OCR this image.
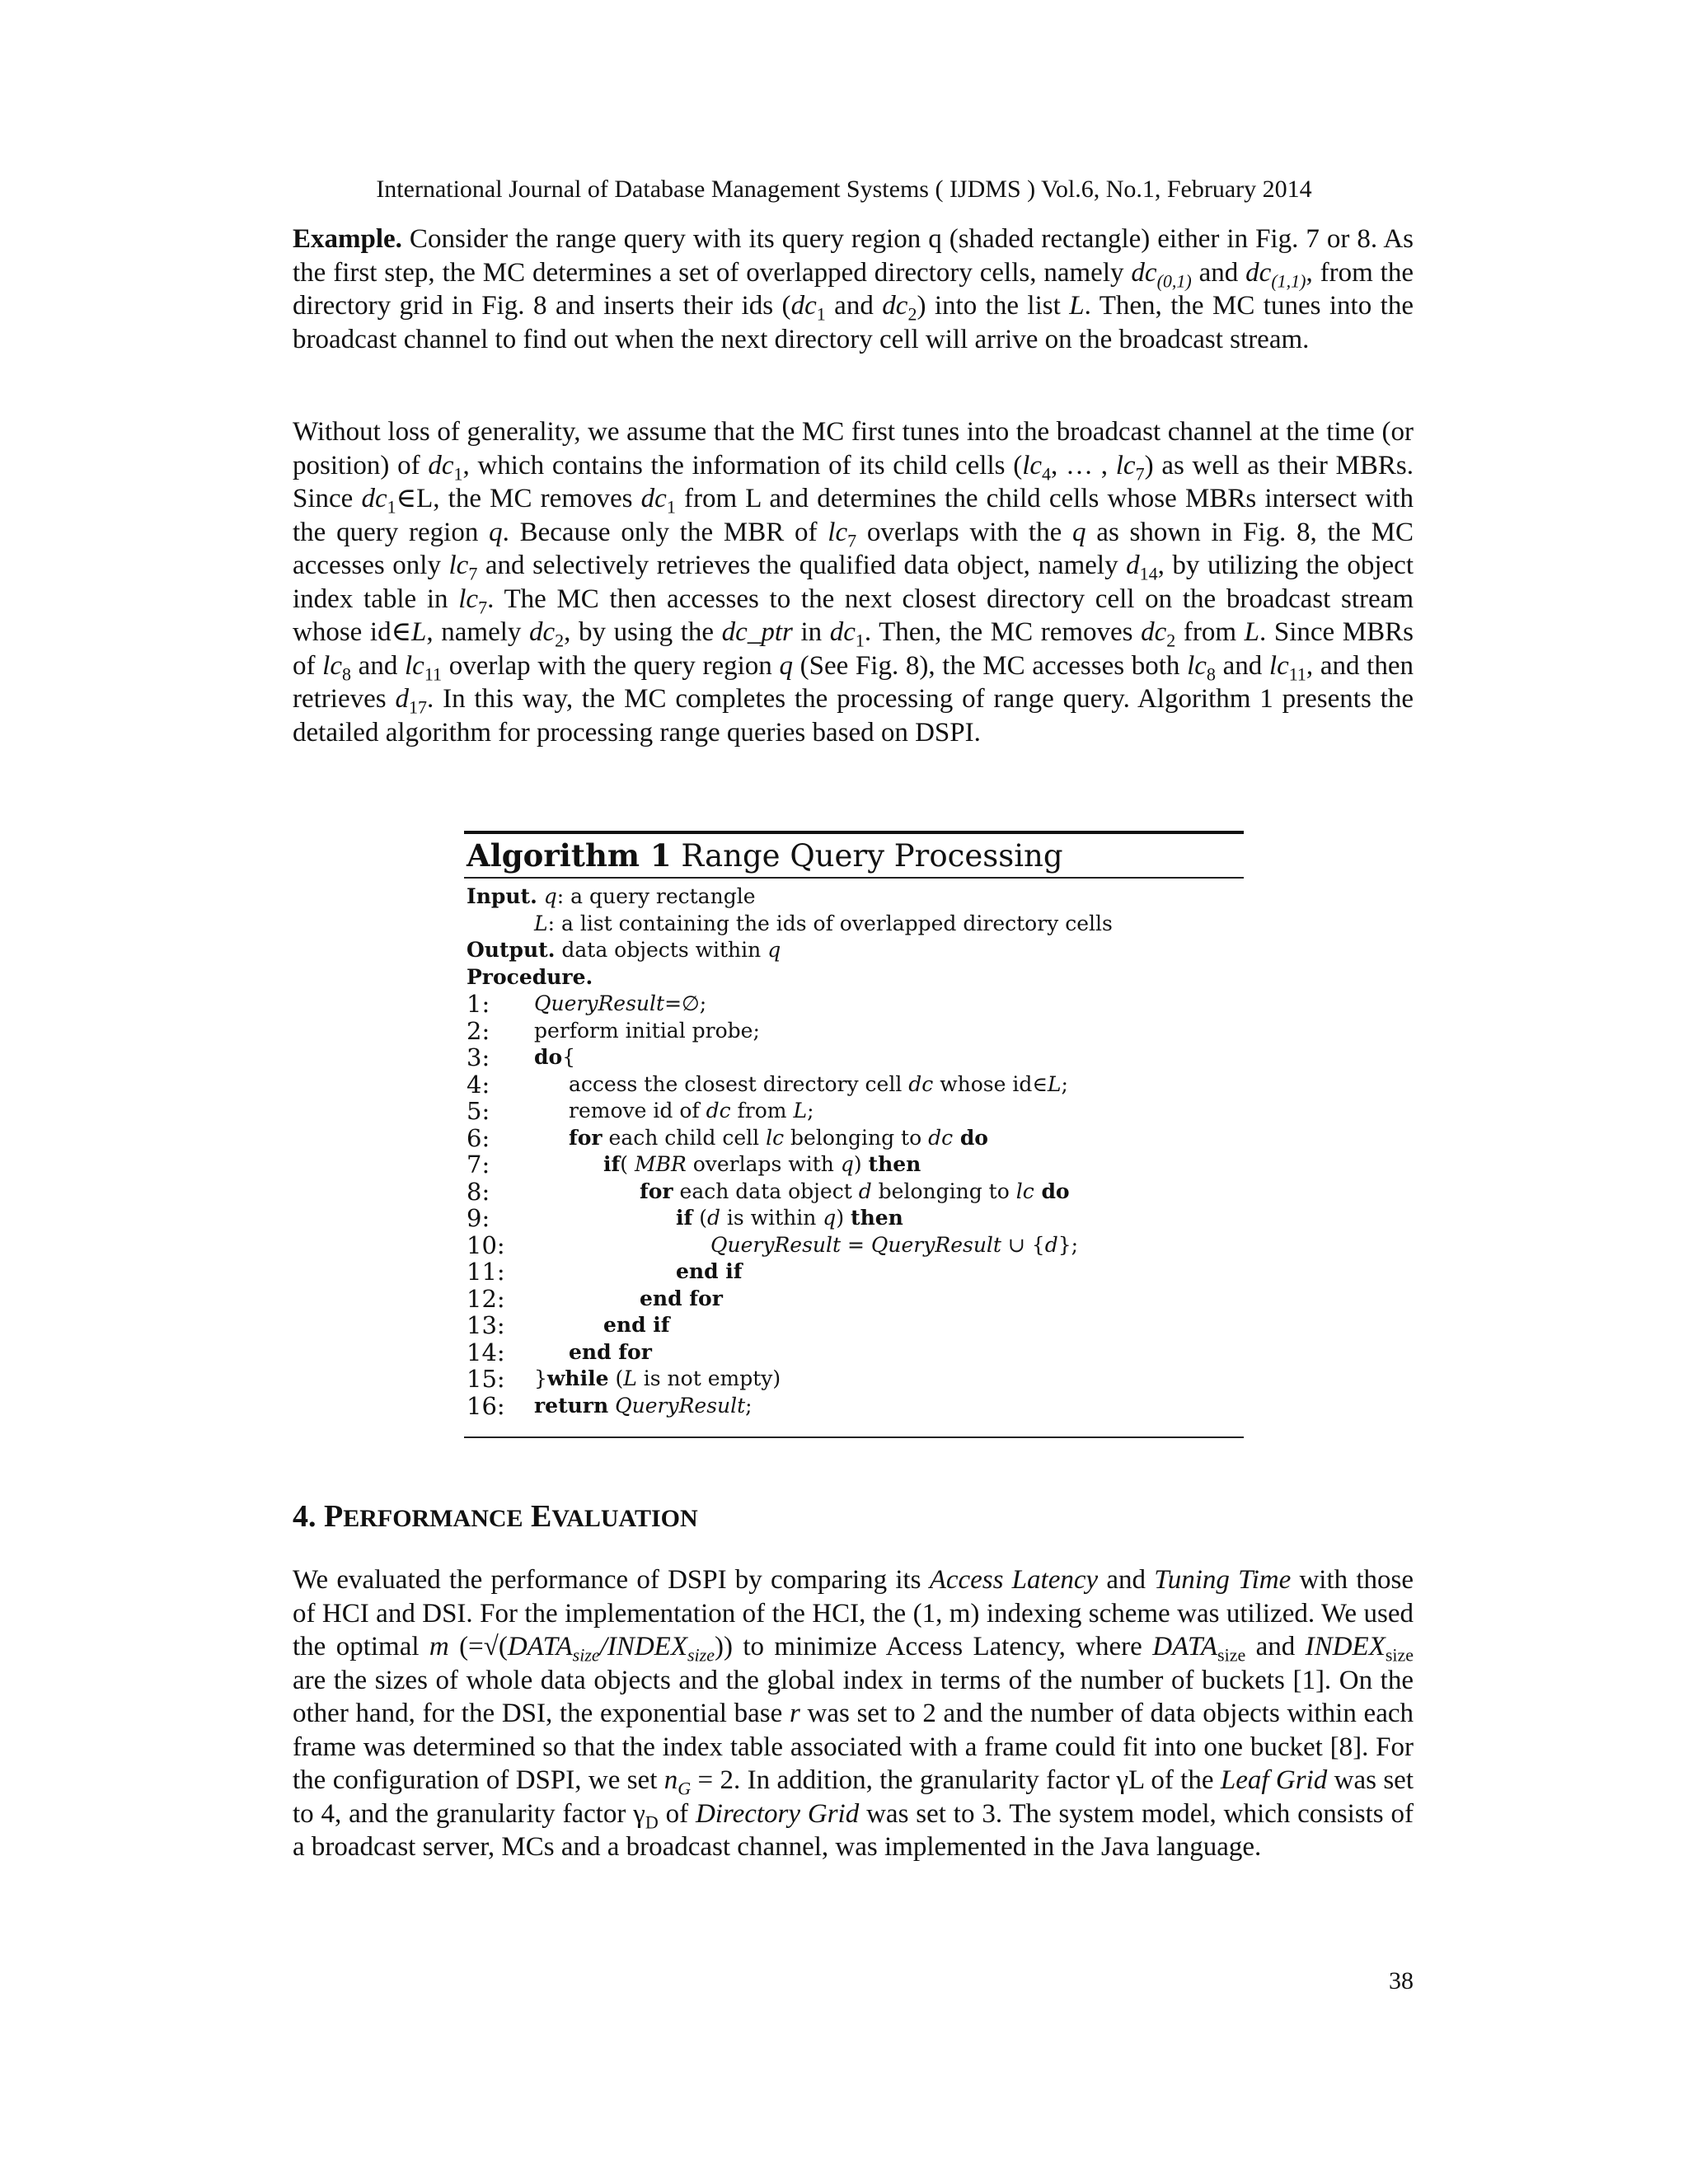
International Journal of Database Management Systems ( IJDMS ) Vol.6, No.1, February 2014

Example. Consider the range query with its query region q (shaded rectangle) either in Fig. 7 or 8. As the first step, the MC determines a set of overlapped directory cells, namely $dc_{(0,1)}$ and $dc_{(1,1)}$, from the directory grid in Fig. 8 and inserts their ids ($dc_1$ and $dc_2$) into the list L. Then, the MC tunes into the broadcast channel to find out when the next directory cell will arrive on the broadcast stream.

Without loss of generality, we assume that the MC first tunes into the broadcast channel at the time (or position) of $dc_1$, which contains the information of its child cells ($lc_4$, … , $lc_7$) as well as their MBRs. Since $dc_1\in L$, the MC removes $dc_1$ from L and determines the child cells whose MBRs intersect with the query region q. Because only the MBR of $lc_7$ overlaps with the q as shown in Fig. 8, the MC accesses only $lc_7$ and selectively retrieves the qualified data object, namely $d_{14}$, by utilizing the object index table in $lc_7$. The MC then accesses to the next closest directory cell on the broadcast stream whose id∈L, namely $dc_2$, by using the dc_ptr in $dc_1$. Then, the MC removes $dc_2$ from L. Since MBRs of $lc_8$ and $lc_{11}$ overlap with the query region q (See Fig. 8), the MC accesses both $lc_8$ and $lc_{11}$, and then retrieves $d_{17}$. In this way, the MC completes the processing of range query. Algorithm 1 presents the detailed algorithm for processing range queries based on DSPI.

Algorithm 1 Range Query Processing
Input. q: a query rectangle
L: a list containing the ids of overlapped directory cells
Output. data objects within q
Procedure.
1:	QueryResult=∅;
2:	perform initial probe;
3:	do{
4:	access the closest directory cell dc whose id∈L;
5:	remove id of dc from L;
6:	for each child cell lc belonging to dc do
7:	if( MBR overlaps with q) then
8:	for each data object d belonging to lc do
9:	if (d is within q) then
10:	QueryResult = QueryResult ∪ {d};
11:	end if
12:	end for
13:	end if
14:	end for
15:	}while (L is not empty)
16:	return QueryResult;
4. PERFORMANCE EVALUATION

We evaluated the performance of DSPI by comparing its Access Latency and Tuning Time with those of HCI and DSI. For the implementation of the HCI, the (1, m) indexing scheme was utilized. We used the optimal m $(=√(DATA_{size}/INDEX_{size}))$ to minimize Access Latency, where $DATA_{size}$ and $INDEX_{size}$ are the sizes of whole data objects and the global index in terms of the number of buckets [1]. On the other hand, for the DSI, the exponential base r was set to 2 and the number of data objects within each frame was determined so that the index table associated with a frame could fit into one bucket [8]. For the configuration of DSPI, we set $n_G = 2$. In addition, the granularity factor γL of the Leaf Grid was set to 4, and the granularity factor $\gamma_D$ of Directory Grid was set to 3. The system model, which consists of a broadcast server, MCs and a broadcast channel, was implemented in the Java language.

38
